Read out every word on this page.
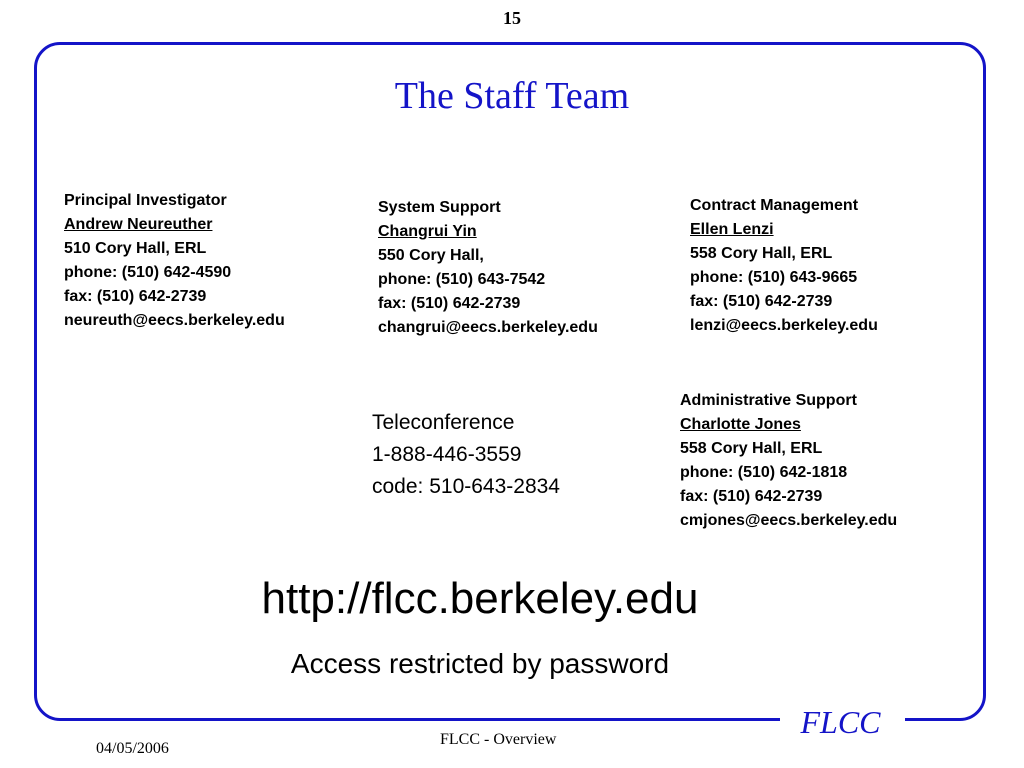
15
FLCC
The Staff Team
Principal Investigator
Andrew Neureuther
510 Cory Hall, ERL
phone: (510) 642-4590
fax: (510) 642-2739
neureuth@eecs.berkeley.edu
System Support
Changrui Yin
550 Cory Hall,
phone: (510) 643-7542
fax: (510) 642-2739
changrui@eecs.berkeley.edu
Contract Management
Ellen Lenzi
558 Cory Hall, ERL
phone: (510) 643-9665
fax: (510) 642-2739
lenzi@eecs.berkeley.edu
Teleconference
1-888-446-3559
code: 510-643-2834
Administrative Support
Charlotte Jones
558 Cory Hall, ERL
phone: (510) 642-1818
fax: (510) 642-2739
cmjones@eecs.berkeley.edu
http://flcc.berkeley.edu
Access restricted by password
04/05/2006
FLCC - Overview
